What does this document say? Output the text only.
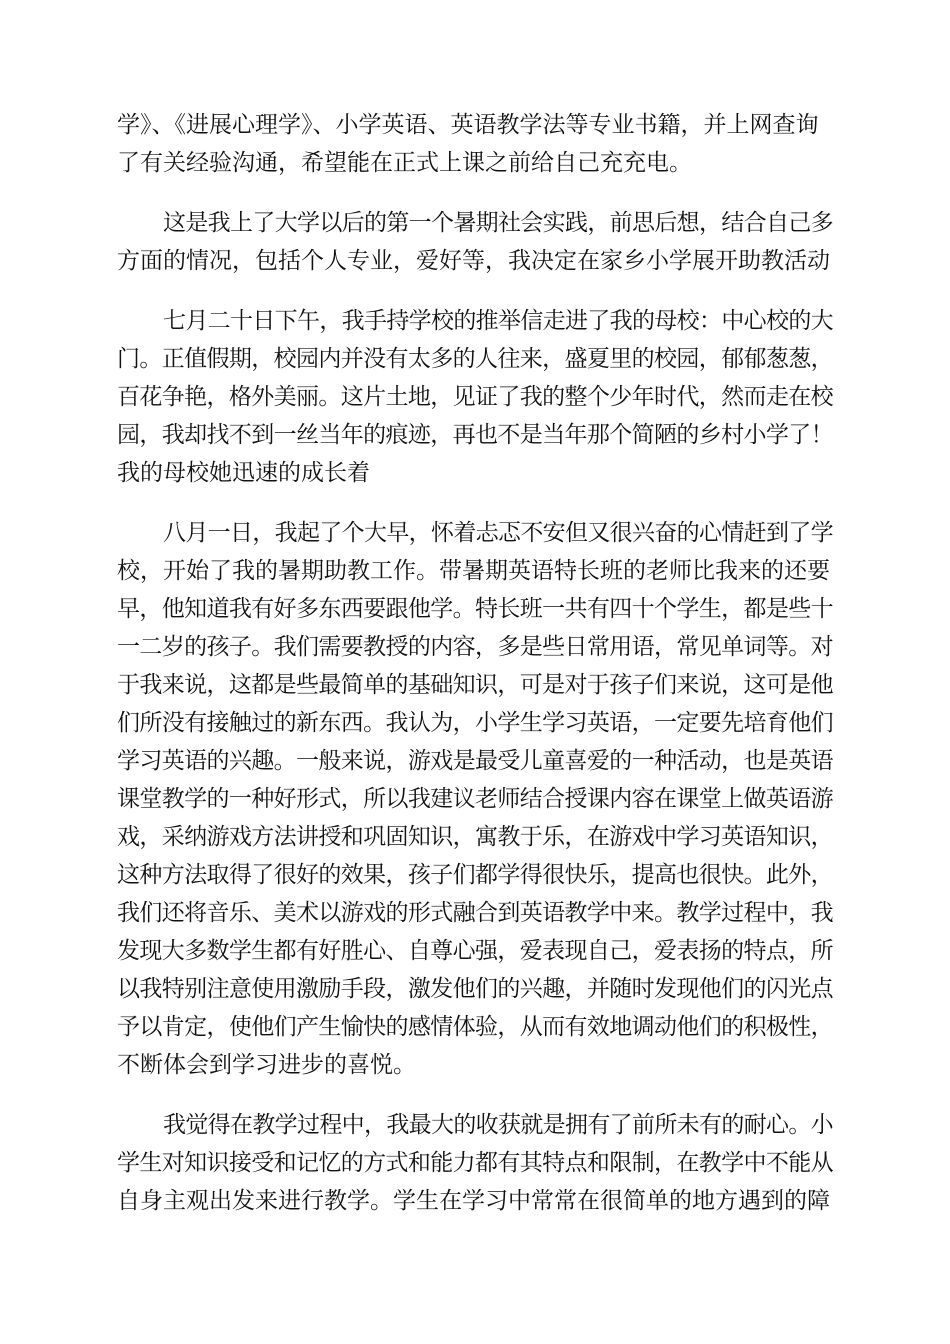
学》、《进展心理学》、小学英语、英语教学法等专业书籍，并上网查询
了有关经验沟通，希望能在正式上课之前给自己充充电。
这是我上了大学以后的第一个暑期社会实践，前思后想，结合自己多
方面的情况，包括个人专业，爱好等，我决定在家乡小学展开助教活动
七月二十日下午，我手持学校的推举信走进了我的母校：中心校的大
门。正值假期，校园内并没有太多的人往来，盛夏里的校园，郁郁葱葱，
百花争艳，格外美丽。这片土地，见证了我的整个少年时代，然而走在校
园，我却找不到一丝当年的痕迹，再也不是当年那个简陋的乡村小学了！
我的母校她迅速的成长着
八月一日，我起了个大早，怀着忐忑不安但又很兴奋的心情赶到了学
校，开始了我的暑期助教工作。带暑期英语特长班的老师比我来的还要
早，他知道我有好多东西要跟他学。特长班一共有四十个学生，都是些十
一二岁的孩子。我们需要教授的内容，多是些日常用语，常见单词等。对
于我来说，这都是些最简单的基础知识，可是对于孩子们来说，这可是他
们所没有接触过的新东西。我认为，小学生学习英语，一定要先培育他们
学习英语的兴趣。一般来说，游戏是最受儿童喜爱的一种活动，也是英语
课堂教学的一种好形式，所以我建议老师结合授课内容在课堂上做英语游
戏，采纳游戏方法讲授和巩固知识，寓教于乐，在游戏中学习英语知识，
这种方法取得了很好的效果，孩子们都学得很快乐，提高也很快。此外，
我们还将音乐、美术以游戏的形式融合到英语教学中来。教学过程中，我
发现大多数学生都有好胜心、自尊心强，爱表现自己，爱表扬的特点，所
以我特别注意使用激励手段，激发他们的兴趣，并随时发现他们的闪光点
予以肯定，使他们产生愉快的感情体验，从而有效地调动他们的积极性，
不断体会到学习进步的喜悦。
我觉得在教学过程中，我最大的收获就是拥有了前所未有的耐心。小
学生对知识接受和记忆的方式和能力都有其特点和限制，在教学中不能从
自身主观出发来进行教学。学生在学习中常常在很简单的地方遇到的障
